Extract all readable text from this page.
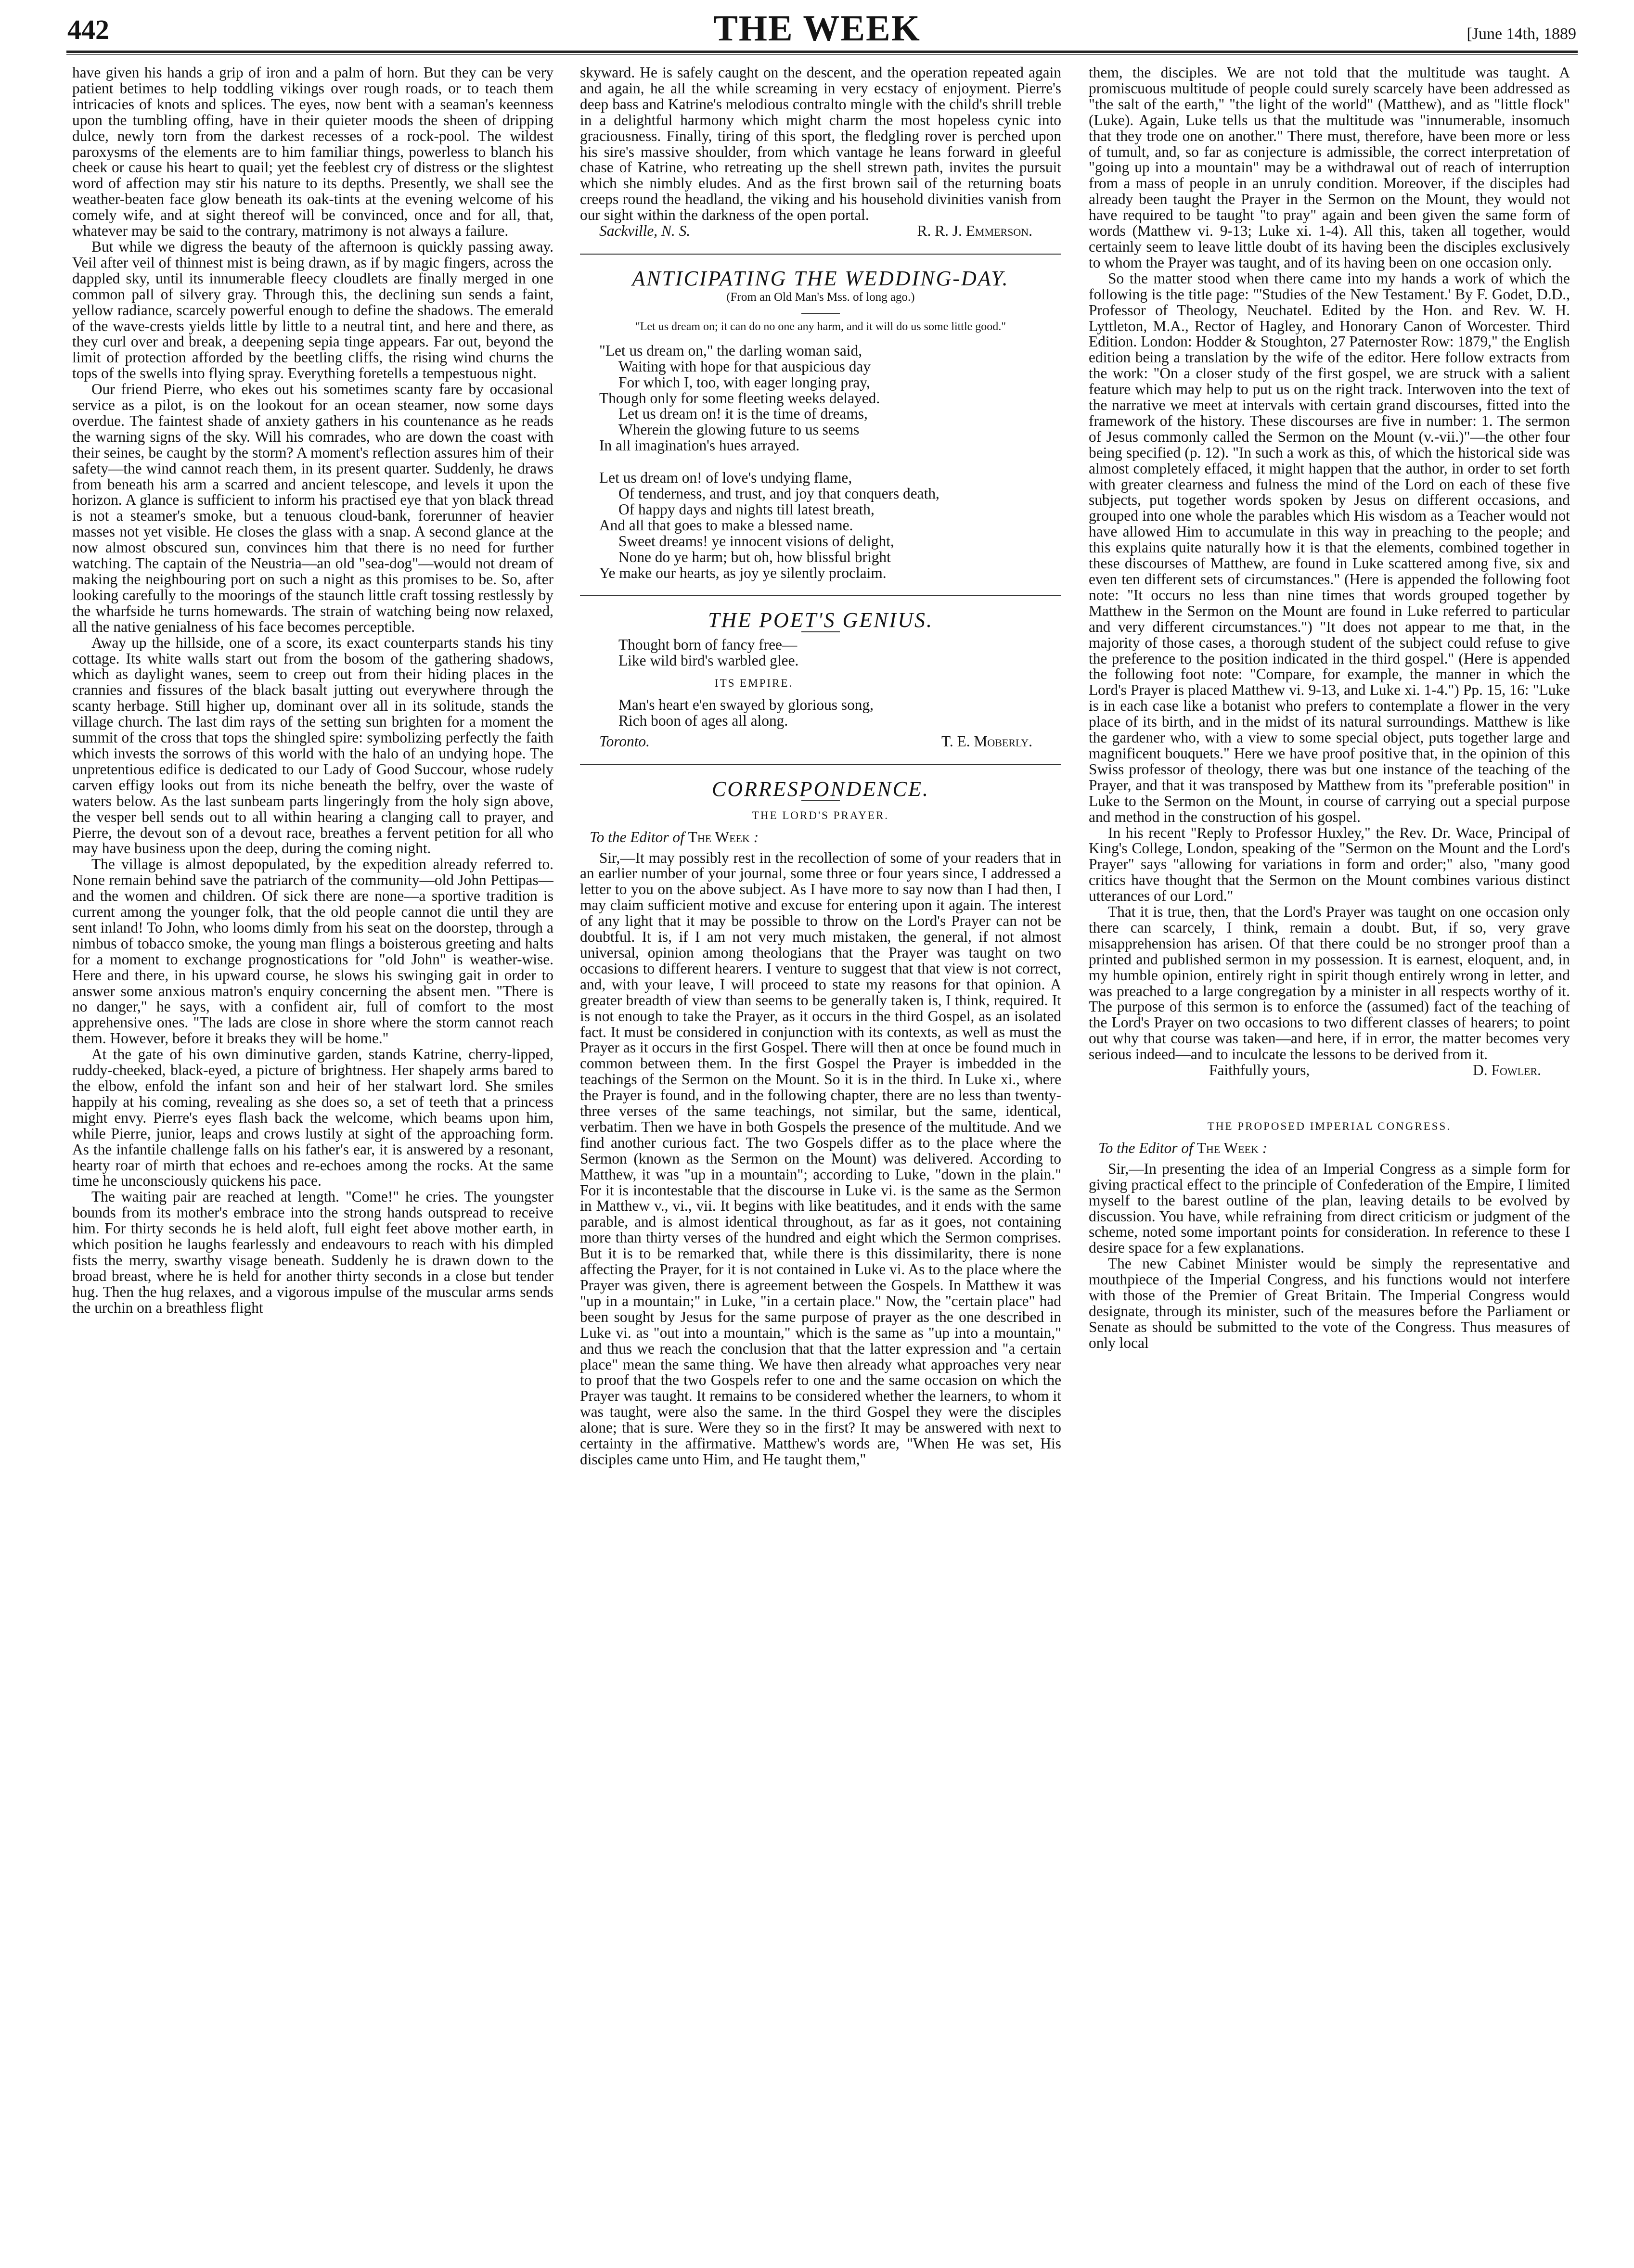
442	THE WEEK	[June 14th, 1889

have given his hands a grip of iron and a palm of horn. But they can be very patient betimes to help toddling vikings over rough roads, or to teach them intricacies of knots and splices. The eyes, now bent with a seaman's keenness upon the tumbling offing, have in their quieter moods the sheen of dripping dulce, newly torn from the darkest recesses of a rock-pool. The wildest paroxysms of the elements are to him familiar things, powerless to blanch his cheek or cause his heart to quail; yet the feeblest cry of distress or the slightest word of affection may stir his nature to its depths. Presently, we shall see the weather-beaten face glow beneath its oak-tints at the evening welcome of his comely wife, and at sight thereof will be convinced, once and for all, that, whatever may be said to the contrary, matrimony is not always a failure.

But while we digress the beauty of the afternoon is quickly passing away. Veil after veil of thinnest mist is being drawn, as if by magic fingers, across the dappled sky, until its innumerable fleecy cloudlets are finally merged in one common pall of silvery gray. Through this, the declining sun sends a faint, yellow radiance, scarcely powerful enough to define the shadows. The emerald of the wave-crests yields little by little to a neutral tint, and here and there, as they curl over and break, a deepening sepia tinge appears. Far out, beyond the limit of protection afforded by the beetling cliffs, the rising wind churns the tops of the swells into flying spray. Everything foretells a tempestuous night.

Our friend Pierre, who ekes out his sometimes scanty fare by occasional service as a pilot, is on the lookout for an ocean steamer, now some days overdue. The faintest shade of anxiety gathers in his countenance as he reads the warning signs of the sky. Will his comrades, who are down the coast with their seines, be caught by the storm? A moment's reflection assures him of their safety—the wind cannot reach them, in its present quarter. Suddenly, he draws from beneath his arm a scarred and ancient telescope, and levels it upon the horizon. A glance is sufficient to inform his practised eye that yon black thread is not a steamer's smoke, but a tenuous cloud-bank, forerunner of heavier masses not yet visible. He closes the glass with a snap. A second glance at the now almost obscured sun, convinces him that there is no need for further watching. The captain of the Neustria—an old "sea-dog"—would not dream of making the neighbouring port on such a night as this promises to be. So, after looking carefully to the moorings of the staunch little craft tossing restlessly by the wharfside he turns homewards. The strain of watching being now relaxed, all the native genialness of his face becomes perceptible.

Away up the hillside, one of a score, its exact counterparts stands his tiny cottage. Its white walls start out from the bosom of the gathering shadows, which as daylight wanes, seem to creep out from their hiding places in the crannies and fissures of the black basalt jutting out everywhere through the scanty herbage. Still higher up, dominant over all in its solitude, stands the village church. The last dim rays of the setting sun brighten for a moment the summit of the cross that tops the shingled spire: symbolizing perfectly the faith which invests the sorrows of this world with the halo of an undying hope. The unpretentious edifice is dedicated to our Lady of Good Succour, whose rudely carven effigy looks out from its niche beneath the belfry, over the waste of waters below. As the last sunbeam parts lingeringly from the holy sign above, the vesper bell sends out to all within hearing a clanging call to prayer, and Pierre, the devout son of a devout race, breathes a fervent petition for all who may have business upon the deep, during the coming night.

The village is almost depopulated, by the expedition already referred to. None remain behind save the patriarch of the community—old John Pettipas—and the women and children. Of sick there are none—a sportive tradition is current among the younger folk, that the old people cannot die until they are sent inland! To John, who looms dimly from his seat on the doorstep, through a nimbus of tobacco smoke, the young man flings a boisterous greeting and halts for a moment to exchange prognostications for "old John" is weather-wise. Here and there, in his upward course, he slows his swinging gait in order to answer some anxious matron's enquiry concerning the absent men. "There is no danger," he says, with a confident air, full of comfort to the most apprehensive ones. "The lads are close in shore where the storm cannot reach them. However, before it breaks they will be home."

At the gate of his own diminutive garden, stands Katrine, cherry-lipped, ruddy-cheeked, black-eyed, a picture of brightness. Her shapely arms bared to the elbow, enfold the infant son and heir of her stalwart lord. She smiles happily at his coming, revealing as she does so, a set of teeth that a princess might envy. Pierre's eyes flash back the welcome, which beams upon him, while Pierre, junior, leaps and crows lustily at sight of the approaching form. As the infantile challenge falls on his father's ear, it is answered by a resonant, hearty roar of mirth that echoes and re-echoes among the rocks. At the same time he unconsciously quickens his pace.

The waiting pair are reached at length. "Come!" he cries. The youngster bounds from its mother's embrace into the strong hands outspread to receive him. For thirty seconds he is held aloft, full eight feet above mother earth, in which position he laughs fearlessly and endeavours to reach with his dimpled fists the merry, swarthy visage beneath. Suddenly he is drawn down to the broad breast, where he is held for another thirty seconds in a close but tender hug. Then the hug relaxes, and a vigorous impulse of the muscular arms sends the urchin on a breathless flight

skyward. He is safely caught on the descent, and the operation repeated again and again, he all the while screaming in very ecstacy of enjoyment. Pierre's deep bass and Katrine's melodious contralto mingle with the child's shrill treble in a delightful harmony which might charm the most hopeless cynic into graciousness. Finally, tiring of this sport, the fledgling rover is perched upon his sire's massive shoulder, from which vantage he leans forward in gleeful chase of Katrine, who retreating up the shell strewn path, invites the pursuit which she nimbly eludes. And as the first brown sail of the returning boats creeps round the headland, the viking and his household divinities vanish from our sight within the darkness of the open portal.

Sackville, N. S.	R. R. J. Emmerson.
ANTICIPATING THE WEDDING-DAY.
(From an Old Man's Mss. of long ago.)
"Let us dream on; it can do no one any harm, and it will do us some little good."
"Let us dream on," the darling woman said,
Waiting with hope for that auspicious day
For which I, too, with eager longing pray,
Though only for some fleeting weeks delayed.
Let us dream on! it is the time of dreams,
Wherein the glowing future to us seems
In all imagination's hues arrayed.
Let us dream on! of love's undying flame,
Of tenderness, and trust, and joy that conquers death,
Of happy days and nights till latest breath,
And all that goes to make a blessed name.
Sweet dreams! ye innocent visions of delight,
None do ye harm; but oh, how blissful bright
Ye make our hearts, as joy ye silently proclaim.
THE POET'S GENIUS.
Thought born of fancy free—
Like wild bird's warbled glee.
ITS EMPIRE.
Man's heart e'en swayed by glorious song,
Rich boon of ages all along.
Toronto.	T. E. Moberly.
CORRESPONDENCE.
THE LORD'S PRAYER.
To the Editor of The Week :

Sir,—It may possibly rest in the recollection of some of your readers that in an earlier number of your journal, some three or four years since, I addressed a letter to you on the above subject. As I have more to say now than I had then, I may claim sufficient motive and excuse for entering upon it again. The interest of any light that it may be possible to throw on the Lord's Prayer can not be doubtful. It is, if I am not very much mistaken, the general, if not almost universal, opinion among theologians that the Prayer was taught on two occasions to different hearers. I venture to suggest that that view is not correct, and, with your leave, I will proceed to state my reasons for that opinion. A greater breadth of view than seems to be generally taken is, I think, required. It is not enough to take the Prayer, as it occurs in the third Gospel, as an isolated fact. It must be considered in conjunction with its contexts, as well as must the Prayer as it occurs in the first Gospel. There will then at once be found much in common between them. In the first Gospel the Prayer is imbedded in the teachings of the Sermon on the Mount. So it is in the third. In Luke xi., where the Prayer is found, and in the following chapter, there are no less than twenty-three verses of the same teachings, not similar, but the same, identical, verbatim. Then we have in both Gospels the presence of the multitude. And we find another curious fact. The two Gospels differ as to the place where the Sermon (known as the Sermon on the Mount) was delivered. According to Matthew, it was "up in a mountain"; according to Luke, "down in the plain." For it is incontestable that the discourse in Luke vi. is the same as the Sermon in Matthew v., vi., vii. It begins with like beatitudes, and it ends with the same parable, and is almost identical throughout, as far as it goes, not containing more than thirty verses of the hundred and eight which the Sermon comprises. But it is to be remarked that, while there is this dissimilarity, there is none affecting the Prayer, for it is not contained in Luke vi. As to the place where the Prayer was given, there is agreement between the Gospels. In Matthew it was "up in a mountain;" in Luke, "in a certain place." Now, the "certain place" had been sought by Jesus for the same purpose of prayer as the one described in Luke vi. as "out into a mountain," which is the same as "up into a mountain," and thus we reach the conclusion that that the latter expression and "a certain place" mean the same thing. We have then already what approaches very near to proof that the two Gospels refer to one and the same occasion on which the Prayer was taught. It remains to be considered whether the learners, to whom it was taught, were also the same. In the third Gospel they were the disciples alone; that is sure. Were they so in the first? It may be answered with next to certainty in the affirmative. Matthew's words are, "When He was set, His disciples came unto Him, and He taught them,"

them, the disciples. We are not told that the multitude was taught. A promiscuous multitude of people could surely scarcely have been addressed as "the salt of the earth," "the light of the world" (Matthew), and as "little flock" (Luke). Again, Luke tells us that the multitude was "innumerable, insomuch that they trode one on another." There must, therefore, have been more or less of tumult, and, so far as conjecture is admissible, the correct interpretation of "going up into a mountain" may be a withdrawal out of reach of interruption from a mass of people in an unruly condition. Moreover, if the disciples had already been taught the Prayer in the Sermon on the Mount, they would not have required to be taught "to pray" again and been given the same form of words (Matthew vi. 9-13; Luke xi. 1-4). All this, taken all together, would certainly seem to leave little doubt of its having been the disciples exclusively to whom the Prayer was taught, and of its having been on one occasion only.

So the matter stood when there came into my hands a work of which the following is the title page: "'Studies of the New Testament.' By F. Godet, D.D., Professor of Theology, Neuchatel. Edited by the Hon. and Rev. W. H. Lyttleton, M.A., Rector of Hagley, and Honorary Canon of Worcester. Third Edition. London: Hodder & Stoughton, 27 Paternoster Row: 1879," the English edition being a translation by the wife of the editor. Here follow extracts from the work: "On a closer study of the first gospel, we are struck with a salient feature which may help to put us on the right track. Interwoven into the text of the narrative we meet at intervals with certain grand discourses, fitted into the framework of the history. These discourses are five in number: 1. The sermon of Jesus commonly called the Sermon on the Mount (v.-vii.)"—the other four being specified (p. 12). "In such a work as this, of which the historical side was almost completely effaced, it might happen that the author, in order to set forth with greater clearness and fulness the mind of the Lord on each of these five subjects, put together words spoken by Jesus on different occasions, and grouped into one whole the parables which His wisdom as a Teacher would not have allowed Him to accumulate in this way in preaching to the people; and this explains quite naturally how it is that the elements, combined together in these discourses of Matthew, are found in Luke scattered among five, six and even ten different sets of circumstances." (Here is appended the following foot note: "It occurs no less than nine times that words grouped together by Matthew in the Sermon on the Mount are found in Luke referred to particular and very different circumstances.") "It does not appear to me that, in the majority of those cases, a thorough student of the subject could refuse to give the preference to the position indicated in the third gospel." (Here is appended the following foot note: "Compare, for example, the manner in which the Lord's Prayer is placed Matthew vi. 9-13, and Luke xi. 1-4.") Pp. 15, 16: "Luke is in each case like a botanist who prefers to contemplate a flower in the very place of its birth, and in the midst of its natural surroundings. Matthew is like the gardener who, with a view to some special object, puts together large and magnificent bouquets." Here we have proof positive that, in the opinion of this Swiss professor of theology, there was but one instance of the teaching of the Prayer, and that it was transposed by Matthew from its "preferable position" in Luke to the Sermon on the Mount, in course of carrying out a special purpose and method in the construction of his gospel.

In his recent "Reply to Professor Huxley," the Rev. Dr. Wace, Principal of King's College, London, speaking of the "Sermon on the Mount and the Lord's Prayer" says "allowing for variations in form and order;" also, "many good critics have thought that the Sermon on the Mount combines various distinct utterances of our Lord."

That it is true, then, that the Lord's Prayer was taught on one occasion only there can scarcely, I think, remain a doubt. But, if so, very grave misapprehension has arisen. Of that there could be no stronger proof than a printed and published sermon in my possession. It is earnest, eloquent, and, in my humble opinion, entirely right in spirit though entirely wrong in letter, and was preached to a large congregation by a minister in all respects worthy of it. The purpose of this sermon is to enforce the (assumed) fact of the teaching of the Lord's Prayer on two occasions to two different classes of hearers; to point out why that course was taken—and here, if in error, the matter becomes very serious indeed—and to inculcate the lessons to be derived from it.

Faithfully yours,	D. Fowler.
THE PROPOSED IMPERIAL CONGRESS.
To the Editor of The Week :

Sir,—In presenting the idea of an Imperial Congress as a simple form for giving practical effect to the principle of Confederation of the Empire, I limited myself to the barest outline of the plan, leaving details to be evolved by discussion. You have, while refraining from direct criticism or judgment of the scheme, noted some important points for consideration. In reference to these I desire space for a few explanations.

The new Cabinet Minister would be simply the representative and mouthpiece of the Imperial Congress, and his functions would not interfere with those of the Premier of Great Britain. The Imperial Congress would designate, through its minister, such of the measures before the Parliament or Senate as should be submitted to the vote of the Congress. Thus measures of only local
